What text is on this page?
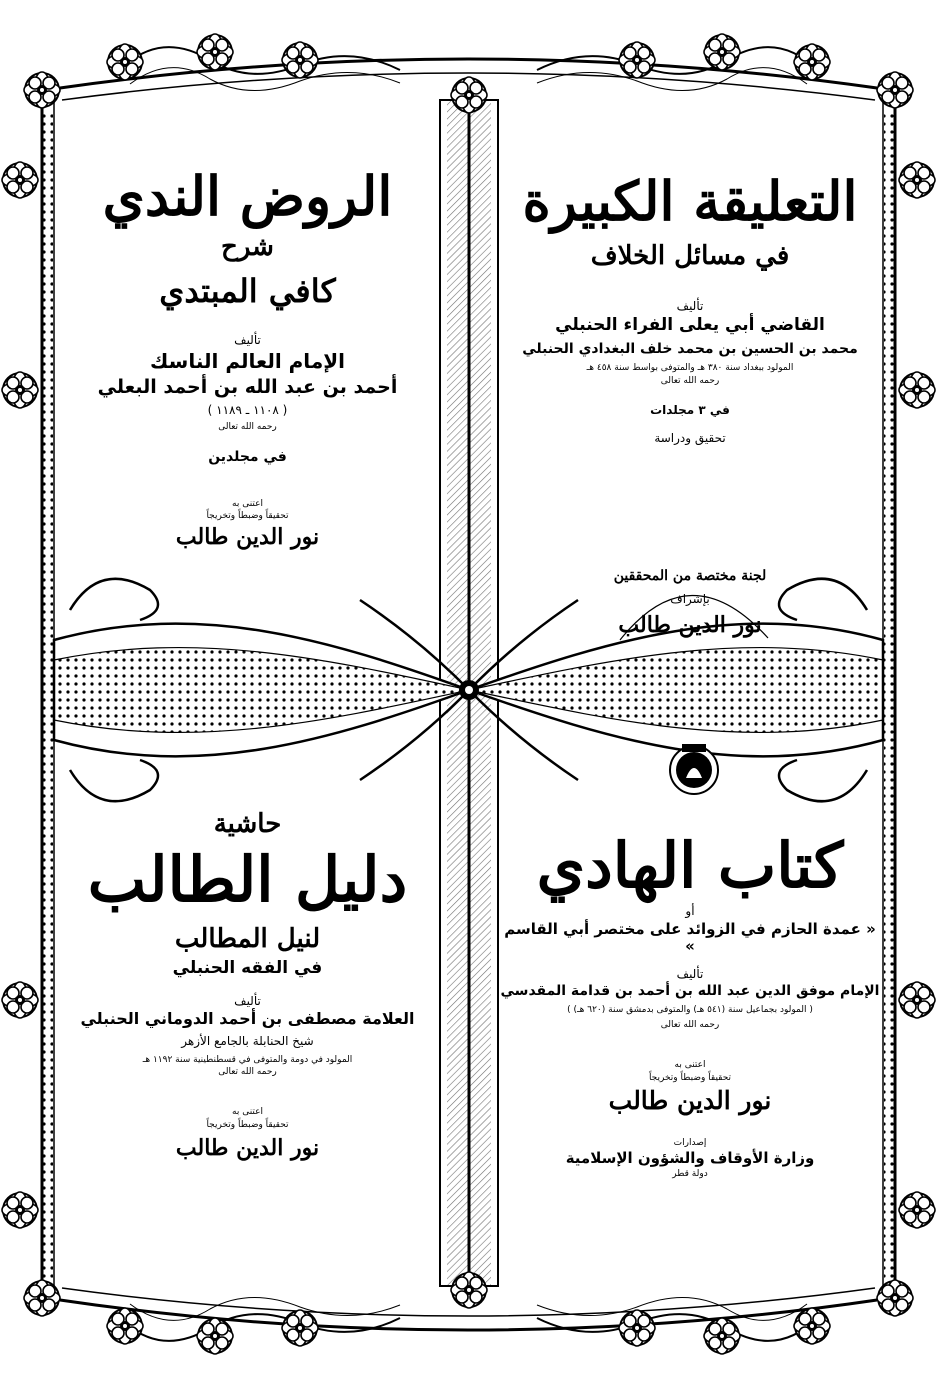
التعليقة الكبيرة
في مسائل الخلاف
تأليف
القاضي أبي يعلى الفراء الحنبلي
محمد بن الحسين بن محمد خلف البغدادي الحنبلي
المولود ببغداد سنة ٣٨٠ هـ والمتوفى بواسط سنة ٤٥٨ هـ
رحمه الله تعالى
في ٣ مجلدات
تحقيق ودراسة
لجنة مختصة من المحققين
بإشراف
نور الدين طالب
الروض الندي
شرح
كافي المبتدي
تأليف
الإمام العالم الناسك
أحمد بن عبد الله بن أحمد البعلي
( ١١٠٨ ـ ١١٨٩ )
رحمه الله تعالى
في مجلدين
اعتنى به
تحقيقاً وضبطاً وتخريجاً
نور الدين طالب
كتاب الهادي
أو
« عمدة الحازم في الزوائد على مختصر أبي القاسم »
تأليف
الإمام موفق الدين عبد الله بن أحمد بن قدامة المقدسي
( المولود بجماعيل سنة (٥٤١ هـ) والمتوفى بدمشق سنة (٦٢٠ هـ) )
رحمه الله تعالى
اعتنى به
تحقيقاً وضبطاً وتخريجاً
نور الدين طالب
إصدارات
وزارة الأوقاف والشؤون الإسلامية
دولة قطر
حاشية
دليل الطالب
لنيل المطالب
في الفقه الحنبلي
تأليف
العلامة مصطفى بن أحمد الدوماني الحنبلي
شيخ الحنابلة بالجامع الأزهر
المولود في دومة والمتوفى في قسطنطينية سنة ١١٩٢ هـ
رحمه الله تعالى
اعتنى به
تحقيقاً وضبطاً وتخريجاً
نور الدين طالب
